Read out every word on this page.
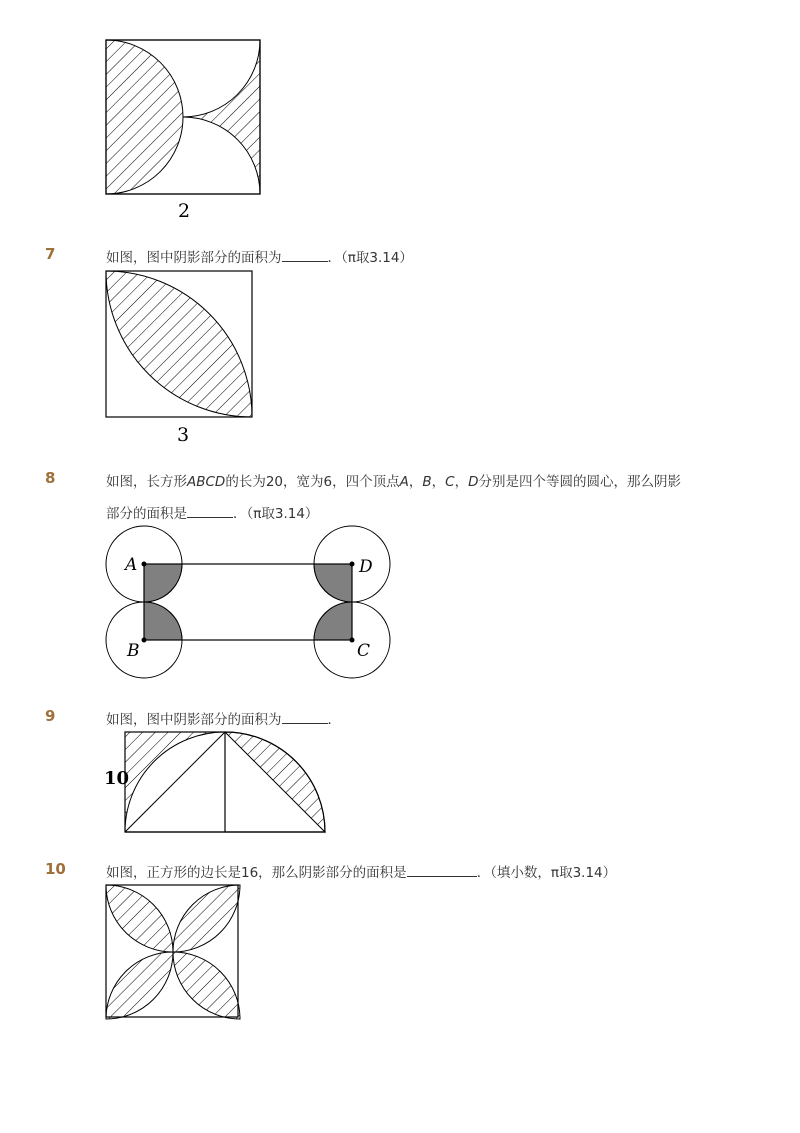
2
7	如图，图中阴影部分的面积为	．（π取3.14）
3
8	如图，长方形ABCD的长为20，宽为6，四个顶点A，B，C，D分别是四个等圆的圆心，那么阴影
部分的面积是	．（π取3.14）
A
B
D
C
9	如图，图中阴影部分的面积为	．
10
10	如图，正方形的边长是16，那么阴影部分的面积是	．（填小数，π取3.14）
